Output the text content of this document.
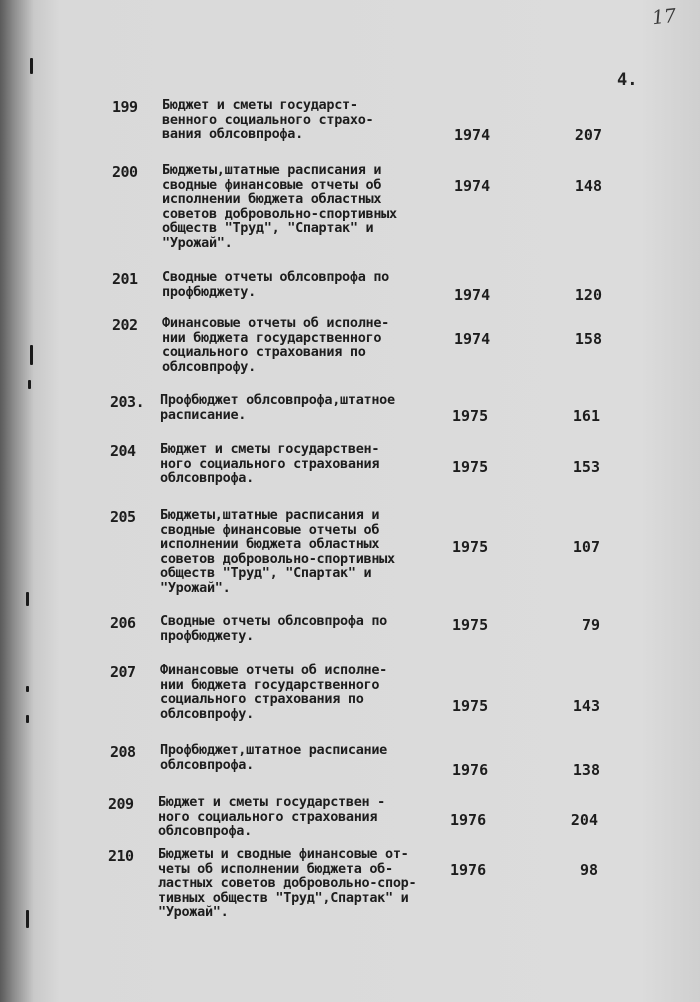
17
4.
199	Бюджет и сметы государст-
венного социального страхо-
вания облсовпрофа.	1974	207
200	Бюджеты,штатные расписания и
сводные финансовые отчеты об
исполнении бюджета областных
советов добровольно-спортивных
обществ "Труд", "Спартак" и
"Урожай".
1974	148
201	Сводные отчеты облсовпрофа по
профбюджету.	1974	120
202	Финансовые отчеты об исполне-
нии бюджета государственного
социального страхования по
облсовпрофу.
1974	158
203.	Профбюджет облсовпрофа,штатное
расписание.	1975	161
204	Бюджет и сметы государствен-
ного социального страхования
облсовпрофа.
1975	153
205	Бюджеты,штатные расписания и
сводные финансовые отчеты об
исполнении бюджета областных
советов добровольно-спортивных
обществ "Труд", "Спартак" и
"Урожай".
1975	107
206	Сводные отчеты облсовпрофа по
профбюджету.
1975	79
207	Финансовые отчеты об исполне-
нии бюджета государственного
социального страхования по
облсовпрофу.	1975	143
208	Профбюджет,штатное расписание
облсовпрофа.	1976	138
209	Бюджет и сметы государствен -
ного социального страхования
облсовпрофа.
1976	204
210	Бюджеты и сводные финансовые от-
четы об исполнении бюджета об-
ластных советов добровольно-спор-
тивных обществ "Труд",Спартак" и
"Урожай".
1976	98
